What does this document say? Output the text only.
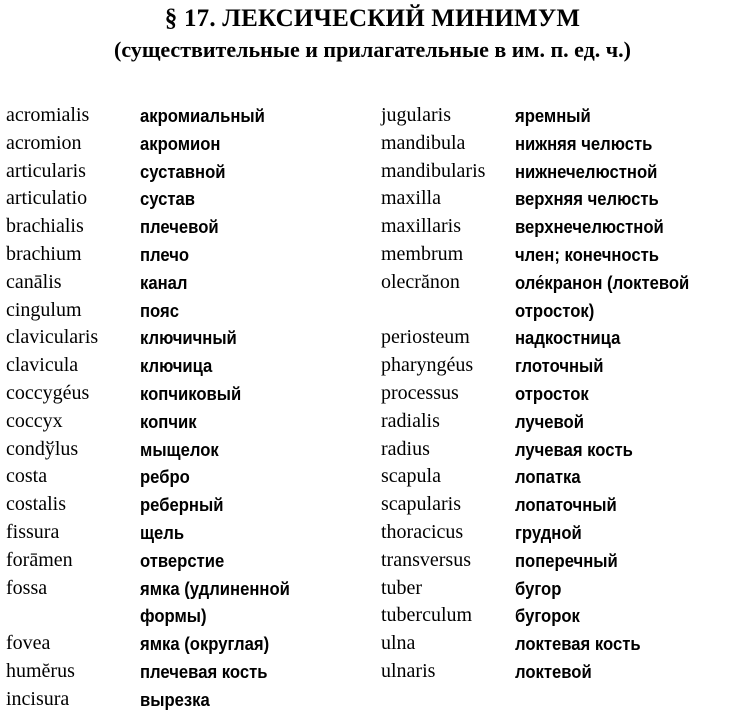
§ 17. ЛЕКСИЧЕСКИЙ МИНИМУМ
(существительные и прилагательные в им. п. ед. ч.)
acromialis	акромиальный
acromion	акромион
articularis	суставной
articulatio	сустав
brachialis	плечевой
brachium	плечо
canālis	канал
cingulum	пояс
clavicularis	ключичный
clavicula	ключица
coccygéus	копчиковый
coccyx	копчик
condўlus	мыщелок
costa	ребро
costalis	реберный
fissura	щель
forāmen	отверстие
fossa	ямка (удлиненной формы)
fovea	ямка (округлая)
humĕrus	плечевая кость
incisura	вырезка
jugularis	яремный
mandibula	нижняя челюсть
mandibularis	нижнечелюстной
maxilla	верхняя челюсть
maxillaris	верхнечелюстной
membrum	член; конечность
olecrănon	оле́кранон (локтевой отросток)
periosteum	надкостница
pharyngéus	глоточный
processus	отросток
radialis	лучевой
radius	лучевая кость
scapula	лопатка
scapularis	лопаточный
thoracicus	грудной
transversus	поперечный
tuber	бугор
tuberculum	бугорок
ulna	локтевая кость
ulnaris	локтевой
